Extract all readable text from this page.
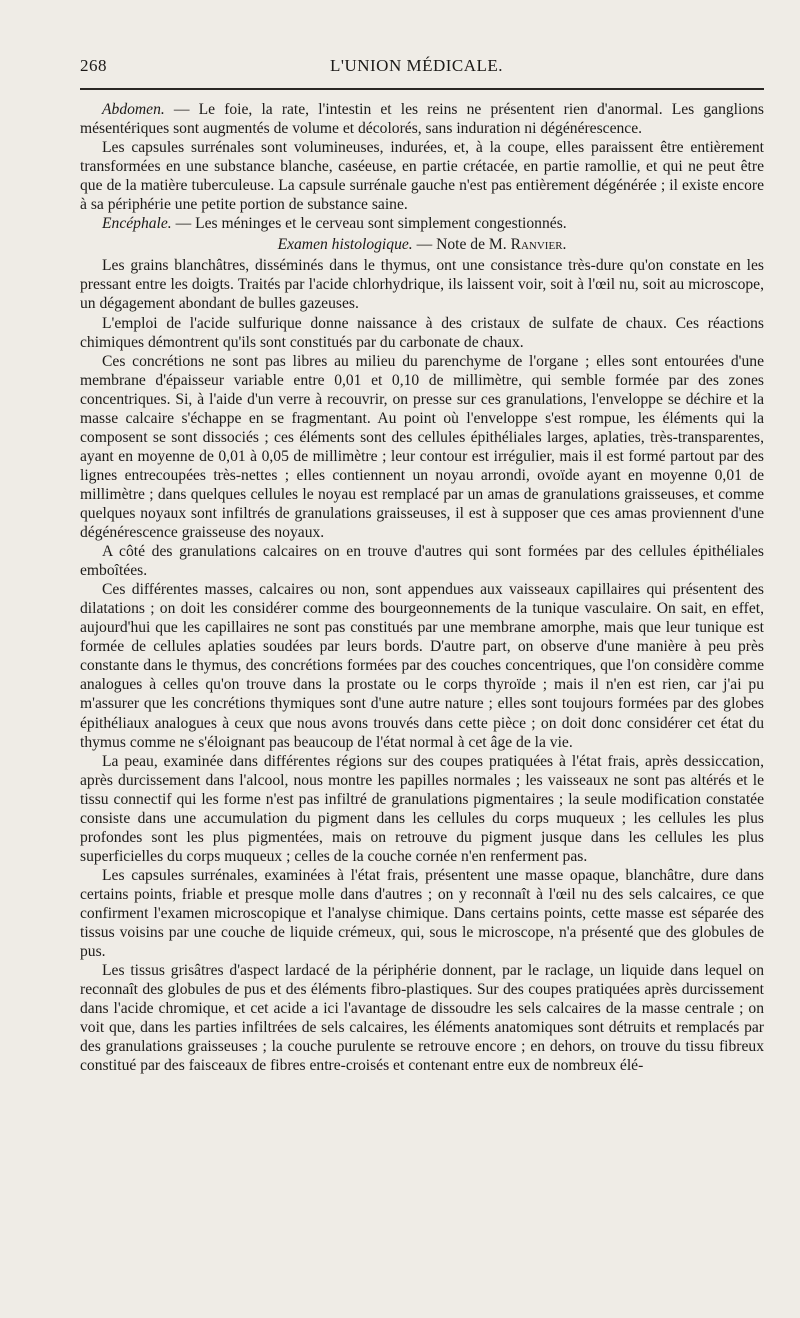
268	L'UNION MÉDICALE.

Abdomen. — Le foie, la rate, l'intestin et les reins ne présentent rien d'anormal. Les ganglions mésentériques sont augmentés de volume et décolorés, sans induration ni dégénérescence.

Les capsules surrénales sont volumineuses, indurées, et, à la coupe, elles paraissent être entièrement transformées en une substance blanche, caséeuse, en partie crétacée, en partie ramollie, et qui ne peut être que de la matière tuberculeuse. La capsule surrénale gauche n'est pas entièrement dégénérée ; il existe encore à sa périphérie une petite portion de substance saine.

Encéphale. — Les méninges et le cerveau sont simplement congestionnés.

Examen histologique. — Note de M. Ranvier.

Les grains blanchâtres, disséminés dans le thymus, ont une consistance très-dure qu'on constate en les pressant entre les doigts. Traités par l'acide chlorhydrique, ils laissent voir, soit à l'œil nu, soit au microscope, un dégagement abondant de bulles gazeuses.

L'emploi de l'acide sulfurique donne naissance à des cristaux de sulfate de chaux. Ces réactions chimiques démontrent qu'ils sont constitués par du carbonate de chaux.

Ces concrétions ne sont pas libres au milieu du parenchyme de l'organe ; elles sont entourées d'une membrane d'épaisseur variable entre 0,01 et 0,10 de millimètre, qui semble formée par des zones concentriques. Si, à l'aide d'un verre à recouvrir, on presse sur ces granulations, l'enveloppe se déchire et la masse calcaire s'échappe en se fragmentant. Au point où l'enveloppe s'est rompue, les éléments qui la composent se sont dissociés ; ces éléments sont des cellules épithéliales larges, aplaties, très-transparentes, ayant en moyenne de 0,01 à 0,05 de millimètre ; leur contour est irrégulier, mais il est formé partout par des lignes entrecoupées très-nettes ; elles contiennent un noyau arrondi, ovoïde ayant en moyenne 0,01 de millimètre ; dans quelques cellules le noyau est remplacé par un amas de granulations graisseuses, et comme quelques noyaux sont infiltrés de granulations graisseuses, il est à supposer que ces amas proviennent d'une dégénérescence graisseuse des noyaux.

A côté des granulations calcaires on en trouve d'autres qui sont formées par des cellules épithéliales emboîtées.

Ces différentes masses, calcaires ou non, sont appendues aux vaisseaux capillaires qui présentent des dilatations ; on doit les considérer comme des bourgeonnements de la tunique vasculaire. On sait, en effet, aujourd'hui que les capillaires ne sont pas constitués par une membrane amorphe, mais que leur tunique est formée de cellules aplaties soudées par leurs bords. D'autre part, on observe d'une manière à peu près constante dans le thymus, des concrétions formées par des couches concentriques, que l'on considère comme analogues à celles qu'on trouve dans la prostate ou le corps thyroïde ; mais il n'en est rien, car j'ai pu m'assurer que les concrétions thymiques sont d'une autre nature ; elles sont toujours formées par des globes épithéliaux analogues à ceux que nous avons trouvés dans cette pièce ; on doit donc considérer cet état du thymus comme ne s'éloignant pas beaucoup de l'état normal à cet âge de la vie.

La peau, examinée dans différentes régions sur des coupes pratiquées à l'état frais, après dessiccation, après durcissement dans l'alcool, nous montre les papilles normales ; les vaisseaux ne sont pas altérés et le tissu connectif qui les forme n'est pas infiltré de granulations pigmentaires ; la seule modification constatée consiste dans une accumulation du pigment dans les cellules du corps muqueux ; les cellules les plus profondes sont les plus pigmentées, mais on retrouve du pigment jusque dans les cellules les plus superficielles du corps muqueux ; celles de la couche cornée n'en renferment pas.

Les capsules surrénales, examinées à l'état frais, présentent une masse opaque, blanchâtre, dure dans certains points, friable et presque molle dans d'autres ; on y reconnaît à l'œil nu des sels calcaires, ce que confirment l'examen microscopique et l'analyse chimique. Dans certains points, cette masse est séparée des tissus voisins par une couche de liquide crémeux, qui, sous le microscope, n'a présenté que des globules de pus.

Les tissus grisâtres d'aspect lardacé de la périphérie donnent, par le raclage, un liquide dans lequel on reconnaît des globules de pus et des éléments fibro-plastiques. Sur des coupes pratiquées après durcissement dans l'acide chromique, et cet acide a ici l'avantage de dissoudre les sels calcaires de la masse centrale ; on voit que, dans les parties infiltrées de sels calcaires, les éléments anatomiques sont détruits et remplacés par des granulations graisseuses ; la couche purulente se retrouve encore ; en dehors, on trouve du tissu fibreux constitué par des faisceaux de fibres entre-croisés et contenant entre eux de nombreux élé-
